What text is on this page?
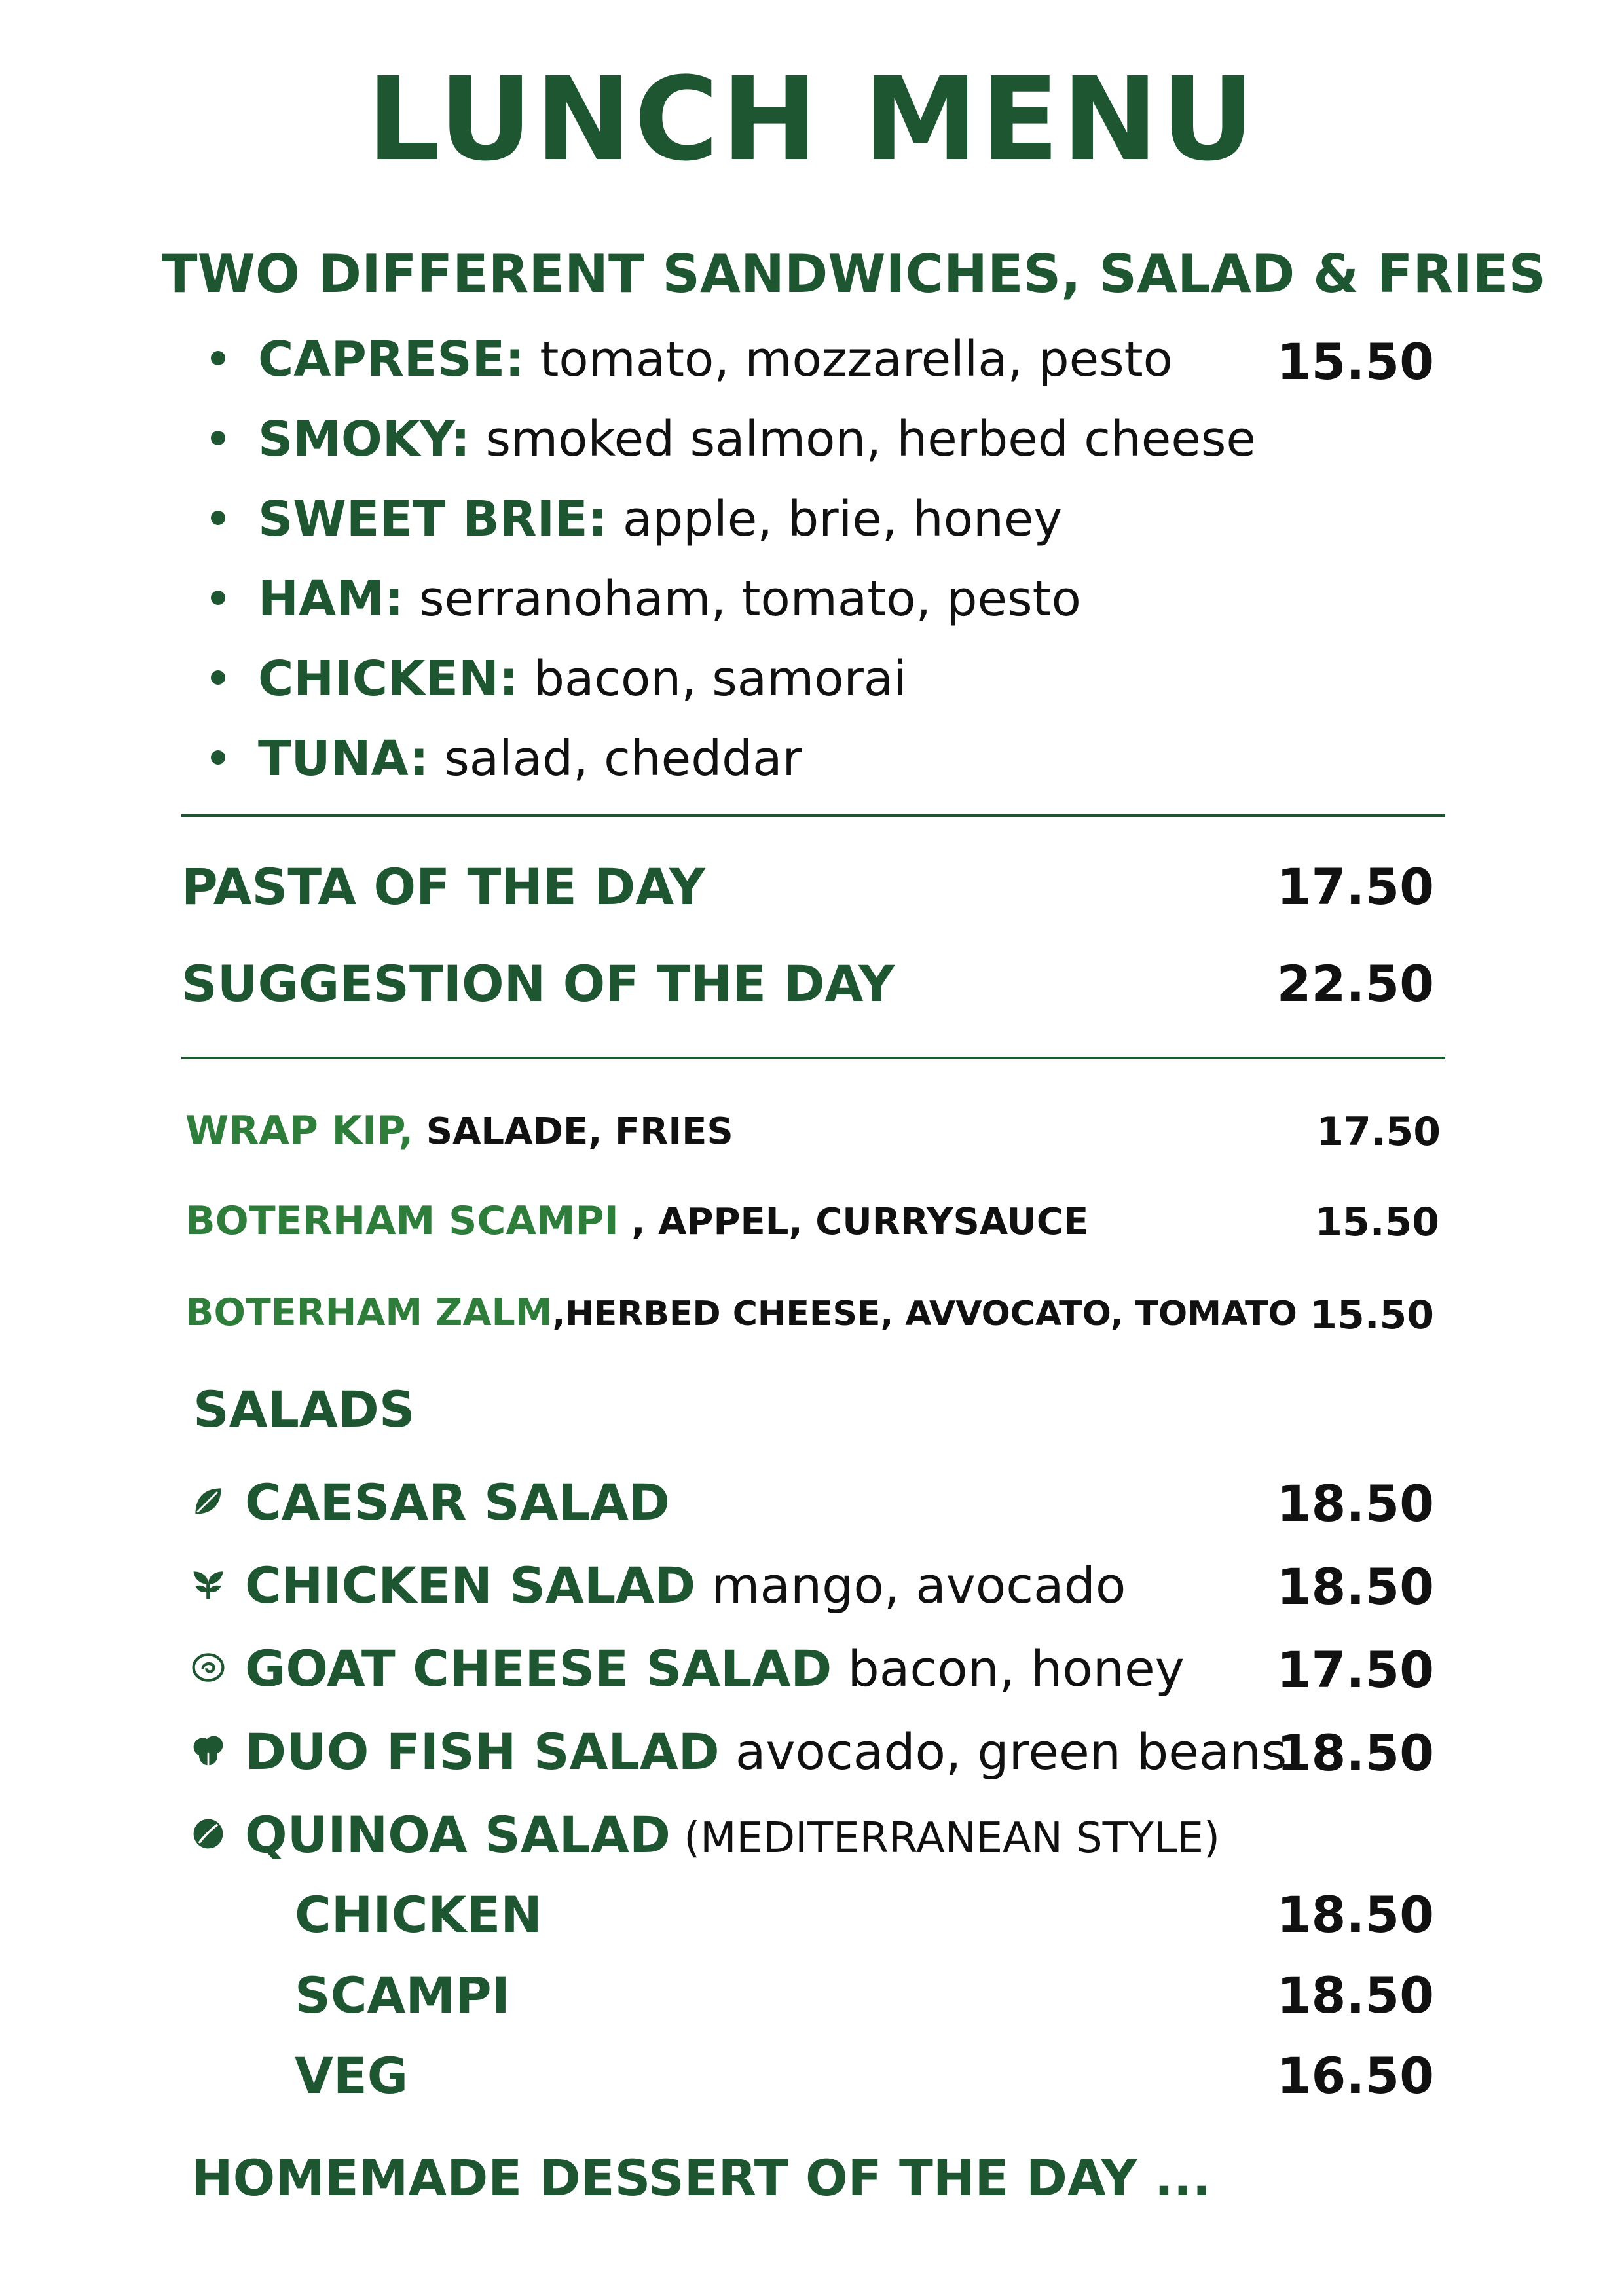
LUNCH MENU
TWO DIFFERENT SANDWICHES, SALAD & FRIES
15.50
CAPRESE: tomato, mozzarella, pesto
SMOKY: smoked salmon, herbed cheese
SWEET BRIE: apple, brie, honey
HAM: serranoham, tomato, pesto
CHICKEN: bacon, samorai
TUNA: salad, cheddar
PASTA OF THE DAY	17.50
SUGGESTION OF THE DAY	22.50
WRAP KIP, SALADE, FRIES	17.50
BOTERHAM SCAMPI , APPEL, CURRYSAUCE	15.50
BOTERHAM ZALM,HERBED CHEESE, AVVOCATO, TOMATO 15.50
SALADS
CAESAR SALAD	18.50
CHICKEN SALAD mango, avocado	18.50
GOAT CHEESE SALAD bacon, honey 17.50
DUO FISH SALAD avocado, green beans
18.50
QUINOA SALAD (MEDITERRANEAN STYLE)
CHICKEN	18.50
SCAMPI	18.50
VEG	16.50
HOMEMADE DESSERT OF THE DAY ...
